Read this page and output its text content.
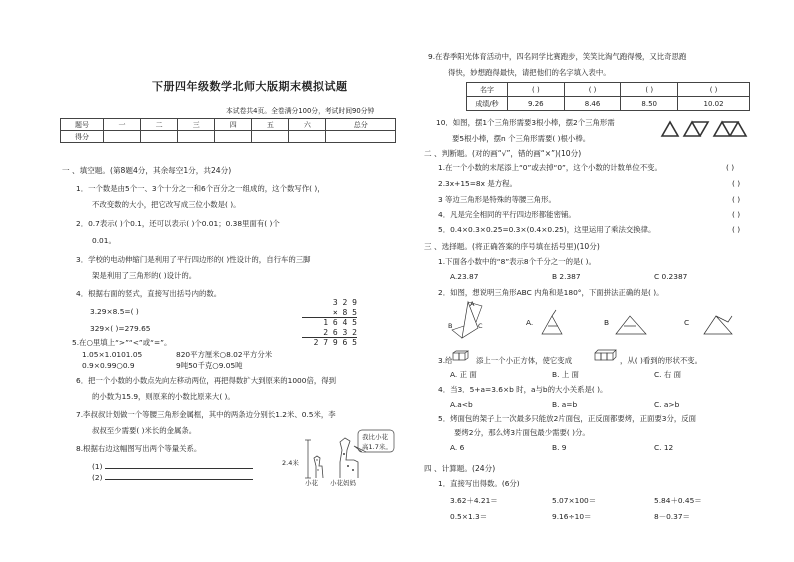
下册四年级数学北师大版期末模拟试题
本试卷共4页。全卷满分100分，考试时间90分钟
题号	一	二	三	四	五	六	总分
得分							
一 、填空题。(第8题4分，其余每空1分，共24分)
1．一个数是由5个一、3个十分之一和6个百分之一组成的，这个数写作( )，
不改变数的大小，把它改写成三位小数是( )。
2．0.7表示( )个0.1，还可以表示( )个0.01；0.38里面有( )个
0.01。
3．学校的电动伸缩门是利用了平行四边形的( )性设计的，自行车的三脚
架是利用了三角形的( )设计的。
4．根据右面的竖式，直接写出括号内的数。
3.29×8.5=( )
329×( )=279.65
3 2 9
× 8 5
1 6 4 5
2 6 3 2
2 7 9 6 5
5.在○里填上“>”“<”或“=”。
1.05×1.0101.05	820平方厘米○8.02平方分米
0.9×0.99○0.9	9吨50千克○9.05吨
6．把一个小数的小数点先向左移动两位，再把得数扩大到原来的1000倍，得到
的小数为15.9，则原来的小数比原来大( )。
7.李叔叔计划做一个等腰三角形金属框，其中的两条边分别长1.2米、0.5米，李
叔叔至少需要( )米长的金属条。
8.根据右边这幅图写出两个等量关系。
(1)
(2)
2.4米
我比小花
高1.7米。
小花 小花妈妈
9.在春季阳光体育活动中，四名同学比赛跑步，笑笑比淘气跑得慢，又比奇思跑
得快，妙想跑得最快，请把他们的名字填入表中。
名字	( )	( )	( )	( )
成绩/秒	9.26	8.46	8.50	10.02
10．如图，摆1个三角形需要3根小棒，摆2个三角形需
要5根小棒，摆n 个三角形需要( )根小棒。
二 、判断题。(对的画“√”，错的画“×”)(10分)
1.在一个小数的末尾添上“0”或去掉“0”，这个小数的计数单位不变。
2.3x+15=8x 是方程。
3 等边三角形是特殊的等腰三角形。
4．凡是完全相同的平行四边形都能密铺。
5．0.4×0.3×0.25=0.3×(0.4×0.25)，这里运用了乘法交换律。
( )
( )
( )
( )
( )
三 、选择题。(将正确答案的序号填在括号里)(10分)
1.下面各小数中的“8”表示8个千分之一的是( )。
A.23.87	B 2.387	C 0.2387
2．如图，想说明三角形ABC 内角和是180°，下面拼法正确的是( )。
B
A
C	A.	B	C
3.给	添上一个小正方体，使它变成	，从( )看到的形状不变。
A. 正 面	B. 上 面	C. 右 面
4．当3．5+a=3.6×b 时，a与b的大小关系是( )。
A.a<b	B. a=b	C. a>b
5．烤面包的架子上一次最多只能放2片面包，正反面都要烤，正面要3分，反面
要烤2分，那么烤3片面包最少需要( )分。
A. 6	B. 9	C. 12
四 、计算题。(24分)
1．直接写出得数。(6分)
3.62＋4.21＝	5.07×100＝	5.84＋0.45＝
0.5×1.3＝	9.16÷10＝	8－0.37＝
